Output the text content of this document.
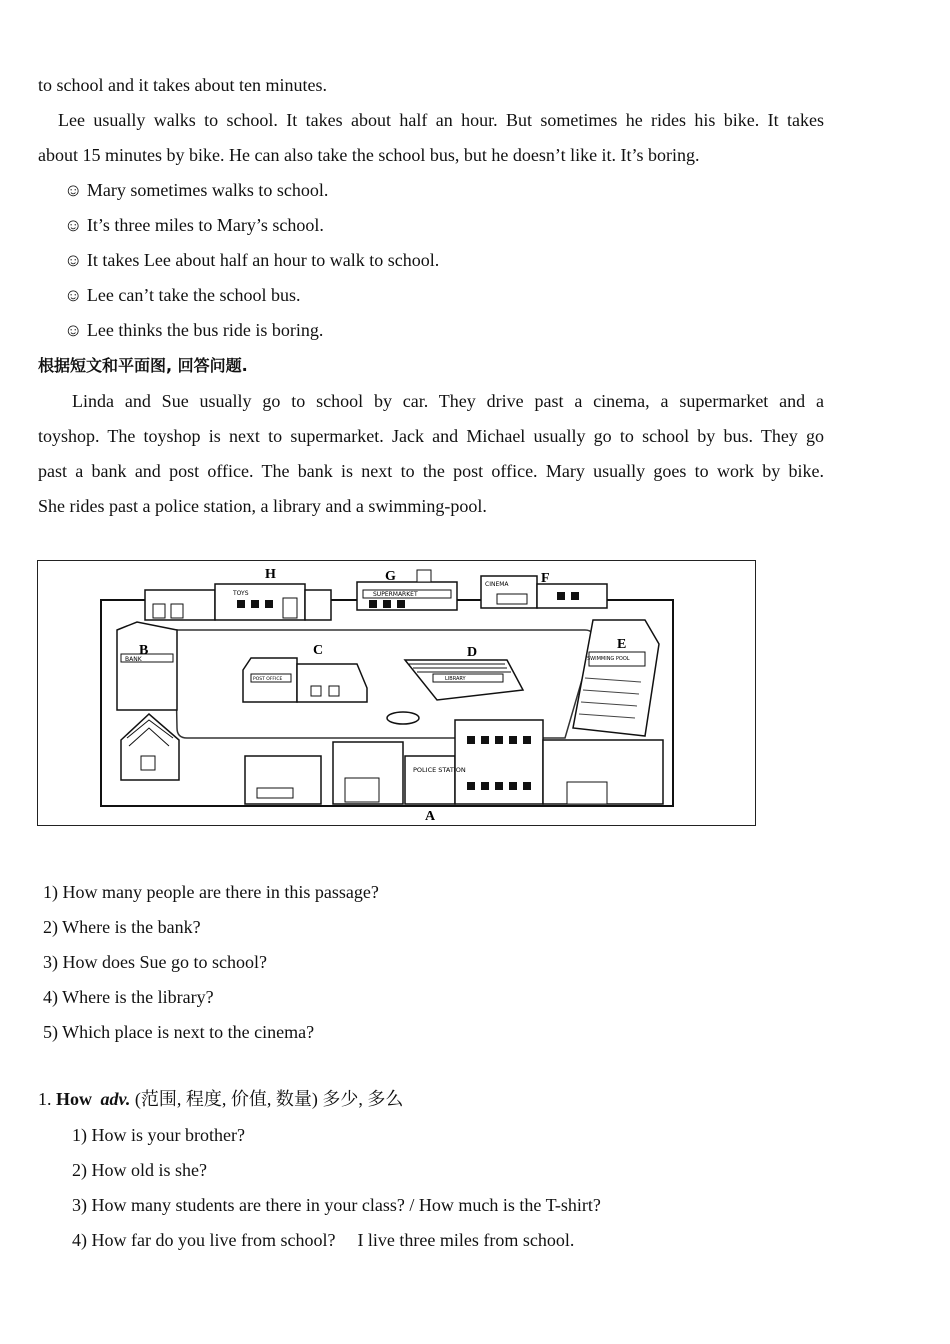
to school and it takes about ten minutes.
Lee usually walks to school. It takes about half an hour. But sometimes he rides his bike. It takes
about 15 minutes by bike. He can also take the school bus, but he doesn’t like it. It’s boring.
☺ Mary sometimes walks to school.
☺ It’s three miles to Mary’s school.
☺ It takes Lee about half an hour to walk to school.
☺ Lee can’t take the school bus.
☺ Lee thinks the bus ride is boring.
根据短文和平面图, 回答问题.
Linda and Sue usually go to school by car. They drive past a cinema, a supermarket and a
toyshop. The toyshop is next to supermarket. Jack and Michael usually go to school by bus. They go
past a bank and post office. The bank is next to the post office. Mary usually goes to work by bike.
She rides past a police station, a library and a swimming-pool.
TOYS
H
SUPERMARKET
G
CINEMA F
BANK
B
POST OFFICE
C
LIBRARY
D	SWIMMING POOL
E
POLICE STATION
A
1) How many people are there in this passage?
2) Where is the bank?
3) How does Sue go to school?
4) Where is the library?
5) Which place is next to the cinema?
1. How adv. (范围, 程度, 价值, 数量) 多少, 多么
1) How is your brother?
2) How old is she?
3) How many students are there in your class? / How much is the T-shirt?
4) How far do you live from school? I live three miles from school.
